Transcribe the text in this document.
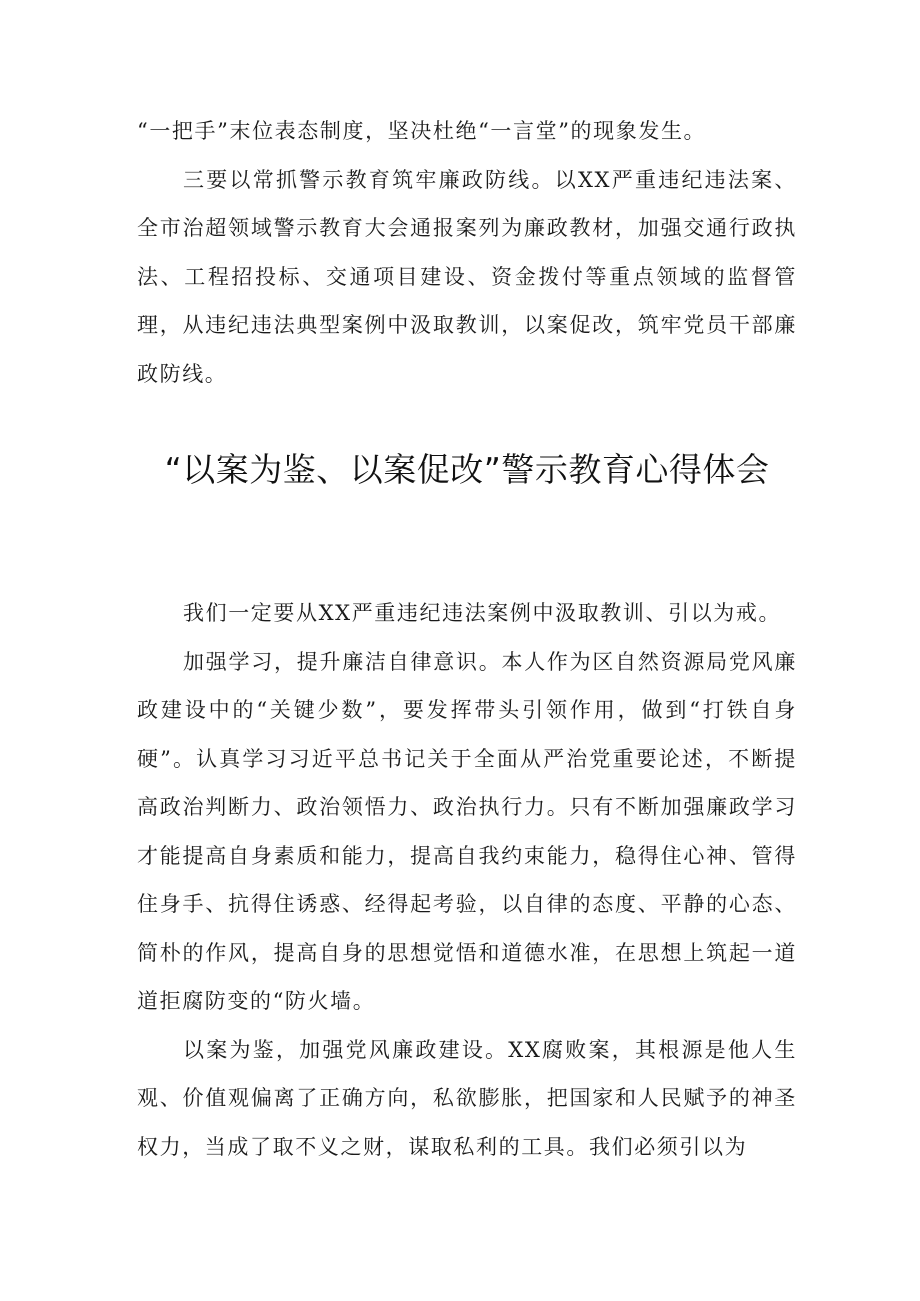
“一把手”末位表态制度，坚决杜绝“一言堂”的现象发生。

三要以常抓警示教育筑牢廉政防线。以XX严重违纪违法案、全市治超领域警示教育大会通报案列为廉政教材，加强交通行政执法、工程招投标、交通项目建设、资金拨付等重点领域的监督管理，从违纪违法典型案例中汲取教训，以案促改，筑牢党员干部廉政防线。

“以案为鉴、以案促改”警示教育心得体会

我们一定要从XX严重违纪违法案例中汲取教训、引以为戒。

加强学习，提升廉洁自律意识。本人作为区自然资源局党风廉政建设中的“关键少数”，要发挥带头引领作用，做到“打铁自身硬”。认真学习习近平总书记关于全面从严治党重要论述，不断提高政治判断力、政治领悟力、政治执行力。只有不断加强廉政学习才能提高自身素质和能力，提高自我约束能力，稳得住心神、管得住身手、抗得住诱惑、经得起考验，以自律的态度、平静的心态、简朴的作风，提高自身的思想觉悟和道德水准，在思想上筑起一道道拒腐防变的“防火墙。

以案为鉴，加强党风廉政建设。XX腐败案，其根源是他人生观、价值观偏离了正确方向，私欲膨胀，把国家和人民赋予的神圣权力，当成了取不义之财，谋取私利的工具。我们必须引以为
